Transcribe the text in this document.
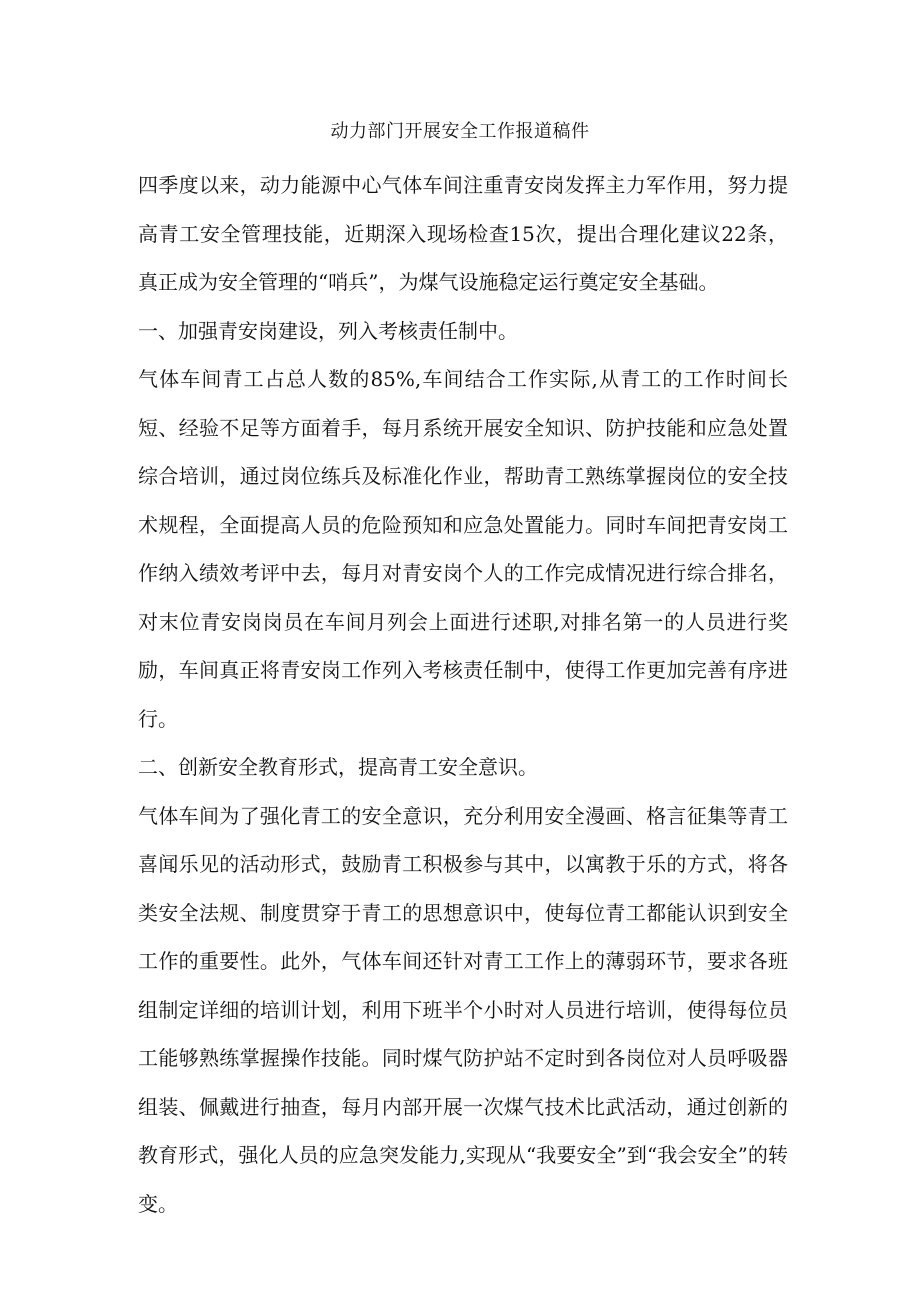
动力部门开展安全工作报道稿件

四季度以来，动力能源中心气体车间注重青安岗发挥主力军作用，努力提高青工安全管理技能，近期深入现场检查15次，提出合理化建议22条，真正成为安全管理的“哨兵”，为煤气设施稳定运行奠定安全基础。

一、加强青安岗建设，列入考核责任制中。

气体车间青工占总人数的85%,车间结合工作实际,从青工的工作时间长短、经验不足等方面着手，每月系统开展安全知识、防护技能和应急处置综合培训，通过岗位练兵及标准化作业，帮助青工熟练掌握岗位的安全技术规程，全面提高人员的危险预知和应急处置能力。同时车间把青安岗工作纳入绩效考评中去，每月对青安岗个人的工作完成情况进行综合排名，对末位青安岗岗员在车间月列会上面进行述职,对排名第一的人员进行奖励，车间真正将青安岗工作列入考核责任制中，使得工作更加完善有序进行。

二、创新安全教育形式，提高青工安全意识。

气体车间为了强化青工的安全意识，充分利用安全漫画、格言征集等青工喜闻乐见的活动形式，鼓励青工积极参与其中，以寓教于乐的方式，将各类安全法规、制度贯穿于青工的思想意识中，使每位青工都能认识到安全工作的重要性。此外，气体车间还针对青工工作上的薄弱环节，要求各班组制定详细的培训计划，利用下班半个小时对人员进行培训，使得每位员工能够熟练掌握操作技能。同时煤气防护站不定时到各岗位对人员呼吸器组装、佩戴进行抽查，每月内部开展一次煤气技术比武活动，通过创新的教育形式，强化人员的应急突发能力,实现从“我要安全”到“我会安全”的转变。
